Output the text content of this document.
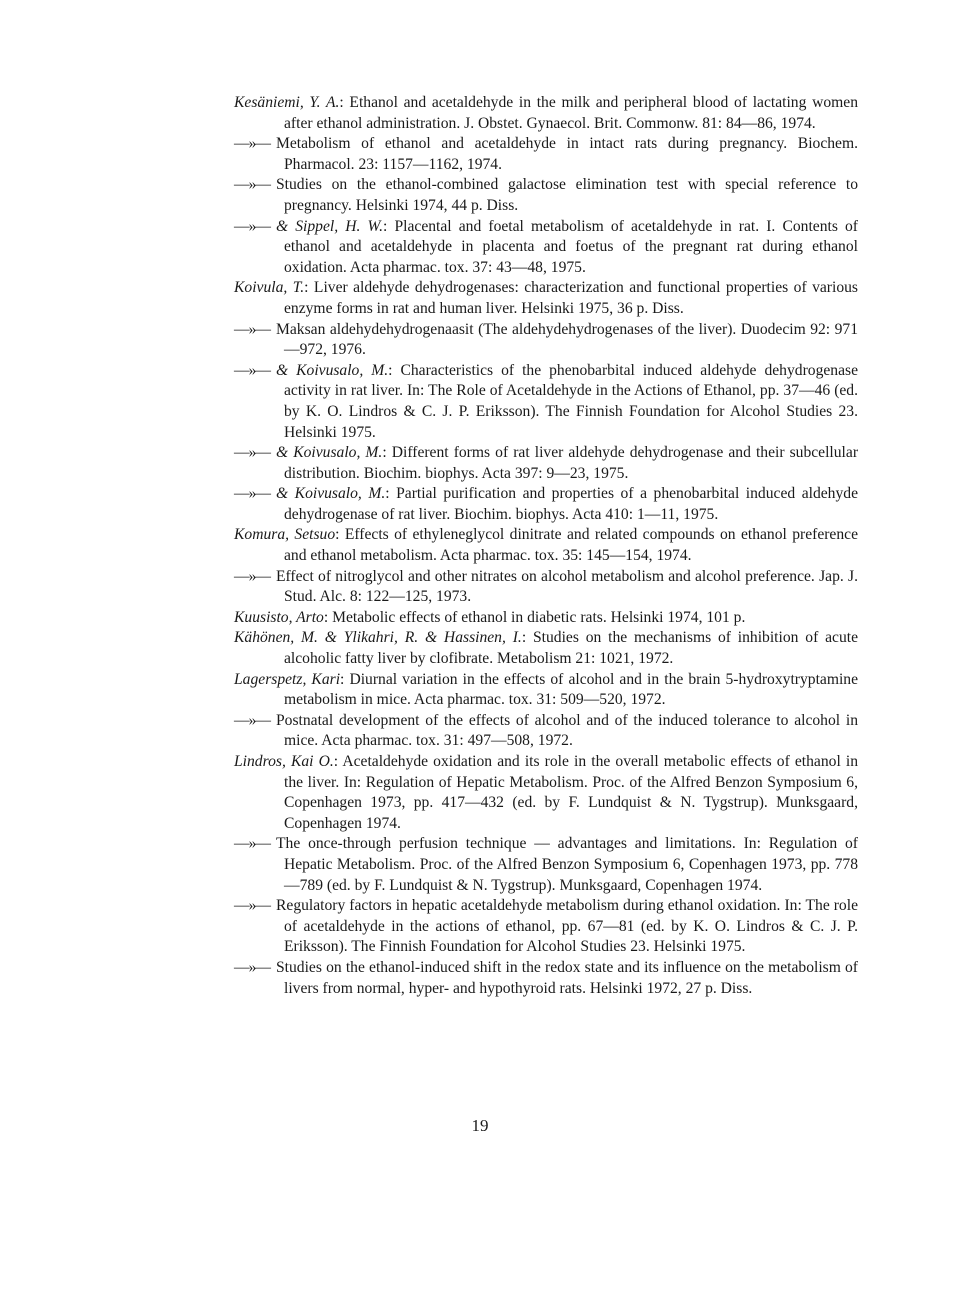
Kesäniemi, Y. A.: Ethanol and acetaldehyde in the milk and peripheral blood of lactating women after ethanol administration. J. Obstet. Gynaecol. Brit. Commonw. 81: 84—86, 1974.
—»— Metabolism of ethanol and acetaldehyde in intact rats during pregnancy. Biochem. Pharmacol. 23: 1157—1162, 1974.
—»— Studies on the ethanol-combined galactose elimination test with special reference to pregnancy. Helsinki 1974, 44 p. Diss.
—»— & Sippel, H. W.: Placental and foetal metabolism of acetaldehyde in rat. I. Contents of ethanol and acetaldehyde in placenta and foetus of the pregnant rat during ethanol oxidation. Acta pharmac. tox. 37: 43—48, 1975.
Koivula, T.: Liver aldehyde dehydrogenases: characterization and functional properties of various enzyme forms in rat and human liver. Helsinki 1975, 36 p. Diss.
—»— Maksan aldehydehydrogenaasit (The aldehydehydrogenases of the liver). Duodecim 92: 971—972, 1976.
—»— & Koivusalo, M.: Characteristics of the phenobarbital induced aldehyde dehydrogenase activity in rat liver. In: The Role of Acetaldehyde in the Actions of Ethanol, pp. 37—46 (ed. by K. O. Lindros & C. J. P. Eriksson). The Finnish Foundation for Alcohol Studies 23. Helsinki 1975.
—»— & Koivusalo, M.: Different forms of rat liver aldehyde dehydrogenase and their subcellular distribution. Biochim. biophys. Acta 397: 9—23, 1975.
—»— & Koivusalo, M.: Partial purification and properties of a phenobarbital induced aldehyde dehydrogenase of rat liver. Biochim. biophys. Acta 410: 1—11, 1975.
Komura, Setsuo: Effects of ethyleneglycol dinitrate and related compounds on ethanol preference and ethanol metabolism. Acta pharmac. tox. 35: 145—154, 1974.
—»— Effect of nitroglycol and other nitrates on alcohol metabolism and alcohol preference. Jap. J. Stud. Alc. 8: 122—125, 1973.
Kuusisto, Arto: Metabolic effects of ethanol in diabetic rats. Helsinki 1974, 101 p.
Kähönen, M. & Ylikahri, R. & Hassinen, I.: Studies on the mechanisms of inhibition of acute alcoholic fatty liver by clofibrate. Metabolism 21: 1021, 1972.
Lagerspetz, Kari: Diurnal variation in the effects of alcohol and in the brain 5-hydroxytryptamine metabolism in mice. Acta pharmac. tox. 31: 509—520, 1972.
—»— Postnatal development of the effects of alcohol and of the induced tolerance to alcohol in mice. Acta pharmac. tox. 31: 497—508, 1972.
Lindros, Kai O.: Acetaldehyde oxidation and its role in the overall metabolic effects of ethanol in the liver. In: Regulation of Hepatic Metabolism. Proc. of the Alfred Benzon Symposium 6, Copenhagen 1973, pp. 417—432 (ed. by F. Lundquist & N. Tygstrup). Munksgaard, Copenhagen 1974.
—»— The once-through perfusion technique — advantages and limitations. In: Regulation of Hepatic Metabolism. Proc. of the Alfred Benzon Symposium 6, Copenhagen 1973, pp. 778—789 (ed. by F. Lundquist & N. Tygstrup). Munksgaard, Copenhagen 1974.
—»— Regulatory factors in hepatic acetaldehyde metabolism during ethanol oxidation. In: The role of acetaldehyde in the actions of ethanol, pp. 67—81 (ed. by K. O. Lindros & C. J. P. Eriksson). The Finnish Foundation for Alcohol Studies 23. Helsinki 1975.
—»— Studies on the ethanol-induced shift in the redox state and its influence on the metabolism of livers from normal, hyper- and hypothyroid rats. Helsinki 1972, 27 p. Diss.
19
